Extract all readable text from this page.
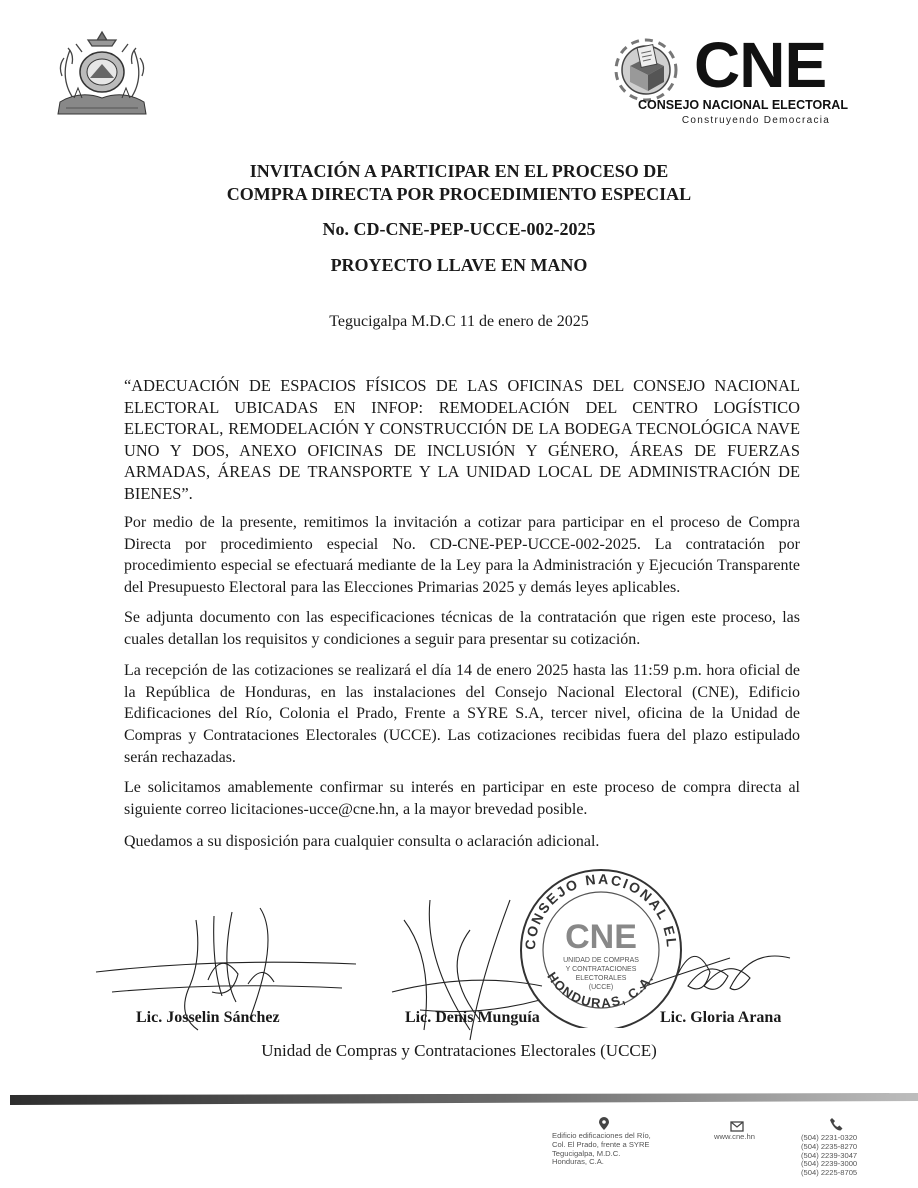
CNE
CONSEJO NACIONAL ELECTORAL
Construyendo Democracia
INVITACIÓN A PARTICIPAR EN EL PROCESO DE
COMPRA DIRECTA POR PROCEDIMIENTO ESPECIAL
No. CD-CNE-PEP-UCCE-002-2025
PROYECTO LLAVE EN MANO
Tegucigalpa M.D.C 11 de enero de 2025
“ADECUACIÓN DE ESPACIOS FÍSICOS DE LAS OFICINAS DEL CONSEJO NACIONAL ELECTORAL UBICADAS EN INFOP: REMODELACIÓN DEL CENTRO LOGÍSTICO ELECTORAL, REMODELACIÓN Y CONSTRUCCIÓN DE LA BODEGA TECNOLÓGICA NAVE UNO Y DOS, ANEXO OFICINAS DE INCLUSIÓN Y GÉNERO, ÁREAS DE FUERZAS ARMADAS, ÁREAS DE TRANSPORTE Y LA UNIDAD LOCAL DE ADMINISTRACIÓN DE BIENES”.
Por medio de la presente, remitimos la invitación a cotizar para participar en el proceso de Compra Directa por procedimiento especial No. CD-CNE-PEP-UCCE-002-2025. La contratación por procedimiento especial se efectuará mediante de la Ley para la Administración y Ejecución Transparente del Presupuesto Electoral para las Elecciones Primarias 2025 y demás leyes aplicables.
Se adjunta documento con las especificaciones técnicas de la contratación que rigen este proceso, las cuales detallan los requisitos y condiciones a seguir para presentar su cotización.
La recepción de las cotizaciones se realizará el día 14 de enero 2025 hasta las 11:59 p.m. hora oficial de la República de Honduras, en las instalaciones del Consejo Nacional Electoral (CNE), Edificio Edificaciones del Río, Colonia el Prado, Frente a SYRE S.A, tercer nivel, oficina de la Unidad de Compras y Contrataciones Electorales (UCCE). Las cotizaciones recibidas fuera del plazo estipulado serán rechazadas.
Le solicitamos amablemente confirmar su interés en participar en este proceso de compra directa al siguiente correo licitaciones-ucce@cne.hn, a la mayor brevedad posible.
Quedamos a su disposición para cualquier consulta o aclaración adicional.
CONSEJO NACIONAL EL
HONDURAS, C.A.
CNE
UNIDAD DE COMPRAS
Y CONTRATACIONES
ELECTORALES
(UCCE)
Lic. Josselin Sánchez	Lic. Denis Munguía	Lic. Gloria Arana
Unidad de Compras y Contrataciones Electorales (UCCE)
Edificio edificaciones del Río,
Col. El Prado, frente a SYRE
Tegucigalpa, M.D.C.
Honduras, C.A.
www.cne.hn	(504) 2231-0320
(504) 2235-8270
(504) 2239-3047
(504) 2239-3000
(504) 2225-8705
